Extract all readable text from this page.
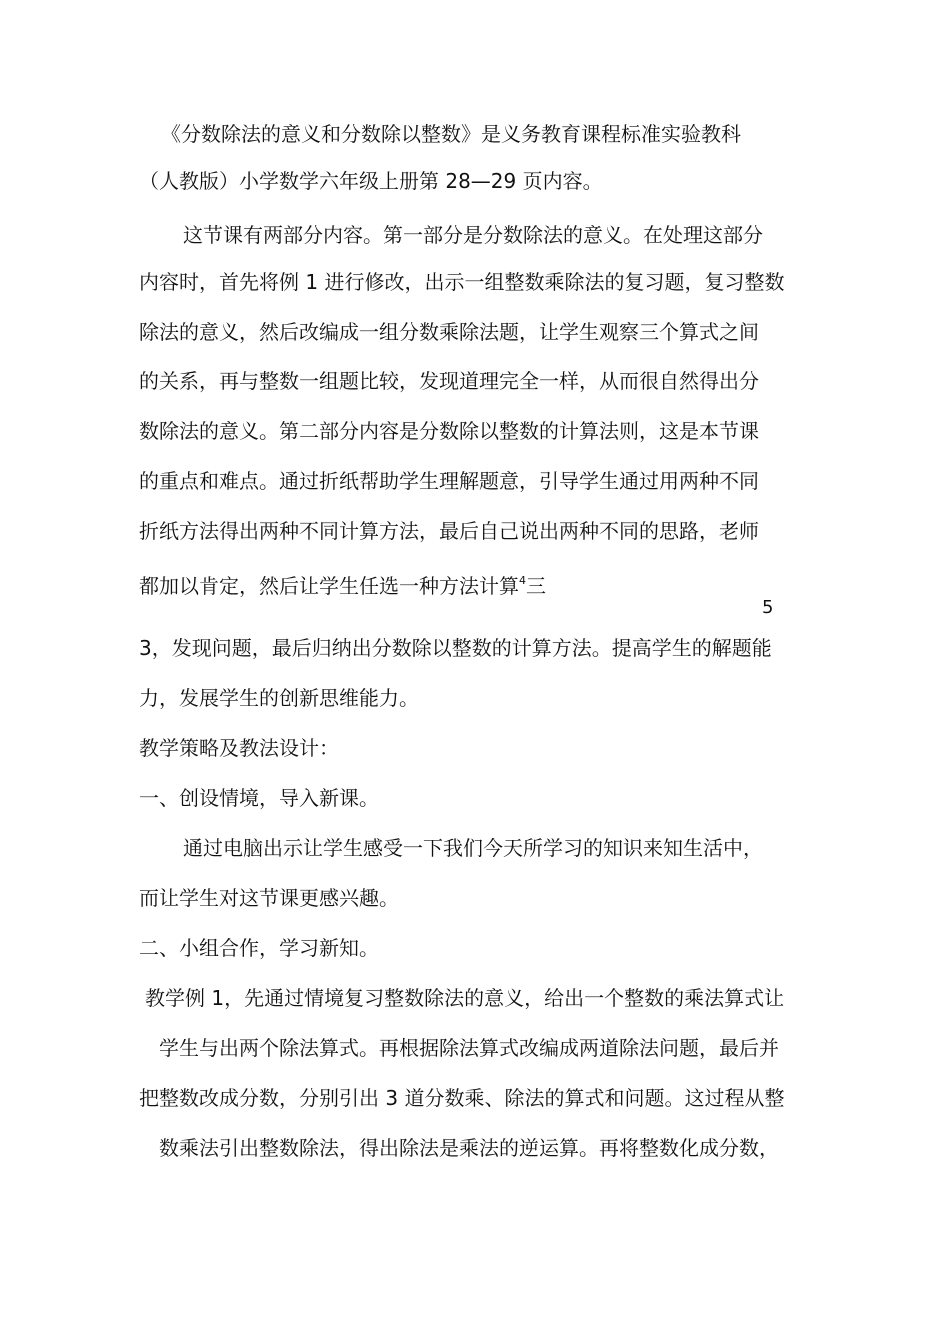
《分数除法的意义和分数除以整数》是义务教育课程标准实验教科
（人教版）小学数学六年级上册第 28—29 页内容。
这节课有两部分内容。第一部分是分数除法的意义。在处理这部分
内容时，首先将例 1 进行修改，出示一组整数乘除法的复习题，复习整数
除法的意义，然后改编成一组分数乘除法题，让学生观察三个算式之间
的关系，再与整数一组题比较，发现道理完全一样，从而很自然得出分
数除法的意义。第二部分内容是分数除以整数的计算法则，这是本节课
的重点和难点。通过折纸帮助学生理解题意，引导学生通过用两种不同
折纸方法得出两种不同计算方法，最后自己说出两种不同的思路，老师
都加以肯定，然后让学生任选一种方法计算$^4$三
5
3，发现问题，最后归纳出分数除以整数的计算方法。提高学生的解题能
力，发展学生的创新思维能力。
教学策略及教法设计：
一、创设情境，导入新课。
通过电脑出示让学生感受一下我们今天所学习的知识来知生活中，
而让学生对这节课更感兴趣。
二、小组合作，学习新知。
教学例 1，先通过情境复习整数除法的意义，给出一个整数的乘法算式让
学生与出两个除法算式。再根据除法算式改编成两道除法问题，最后并
把整数改成分数，分别引出 3 道分数乘、除法的算式和问题。这过程从整
数乘法引出整数除法，得出除法是乘法的逆运算。再将整数化成分数，
